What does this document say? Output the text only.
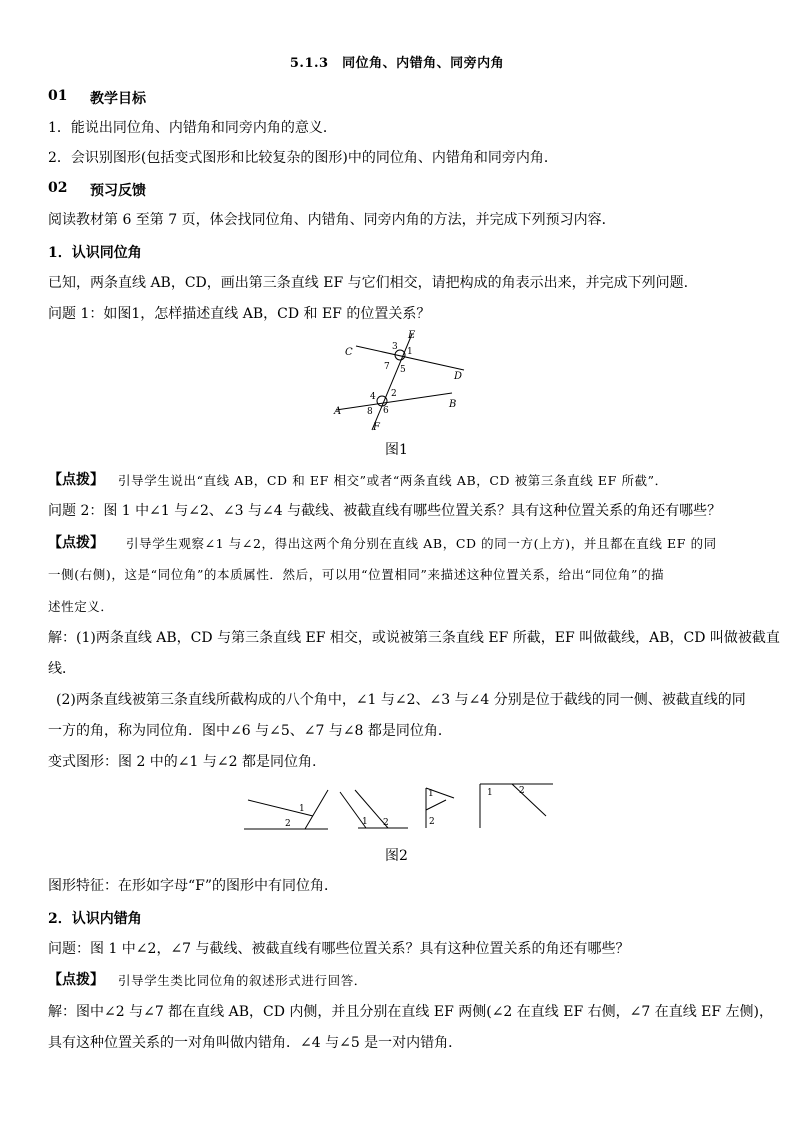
5.1.3　同位角、内错角、同旁内角
01 教学目标
1．能说出同位角、内错角和同旁内角的意义．
2．会识别图形(包括变式图形和比较复杂的图形)中的同位角、内错角和同旁内角．
02 预习反馈
阅读教材第 6 至第 7 页，体会找同位角、内错角、同旁内角的方法，并完成下列预习内容．
1．认识同位角
已知，两条直线 AB，CD，画出第三条直线 EF 与它们相交，请把构成的角表示出来，并完成下列问题.
问题 1：如图1，怎样描述直线 AB，CD 和 EF 的位置关系？
C
D
E
F
A
B
3 1
7 5
4 2
8 6
图1
【点拨】 引导学生说出“直线 AB，CD 和 EF 相交”或者“两条直线 AB，CD 被第三条直线 EF 所截”．
问题 2：图 1 中∠1 与∠2、∠3 与∠4 与截线、被截直线有哪些位置关系？具有这种位置关系的角还有哪些？
【点拨】 引导学生观察∠1 与∠2，得出这两个角分别在直线 AB，CD 的同一方(上方)，并且都在直线 EF 的同
一侧(右侧)，这是“同位角”的本质属性．然后，可以用“位置相同”来描述这种位置关系，给出“同位角”的描
述性定义．
解：(1)两条直线 AB，CD 与第三条直线 EF 相交，或说被第三条直线 EF 所截，EF 叫做截线，AB，CD 叫做被截直
线．
(2)两条直线被第三条直线所截构成的八个角中，∠1 与∠2、∠3 与∠4 分别是位于截线的同一侧、被截直线的同
一方的角，称为同位角．图中∠6 与∠5、∠7 与∠8 都是同位角．
变式图形：图 2 中的∠1 与∠2 都是同位角.
1
2	1 2
1
2
1	2
图2
图形特征：在形如字母“F”的图形中有同位角．
2．认识内错角
问题：图 1 中∠2，∠7 与截线、被截直线有哪些位置关系？具有这种位置关系的角还有哪些？
【点拨】 引导学生类比同位角的叙述形式进行回答．
解：图中∠2 与∠7 都在直线 AB，CD 内侧，并且分别在直线 EF 两侧(∠2 在直线 EF 右侧，∠7 在直线 EF 左侧)，
具有这种位置关系的一对角叫做内错角．∠4 与∠5 是一对内错角．
